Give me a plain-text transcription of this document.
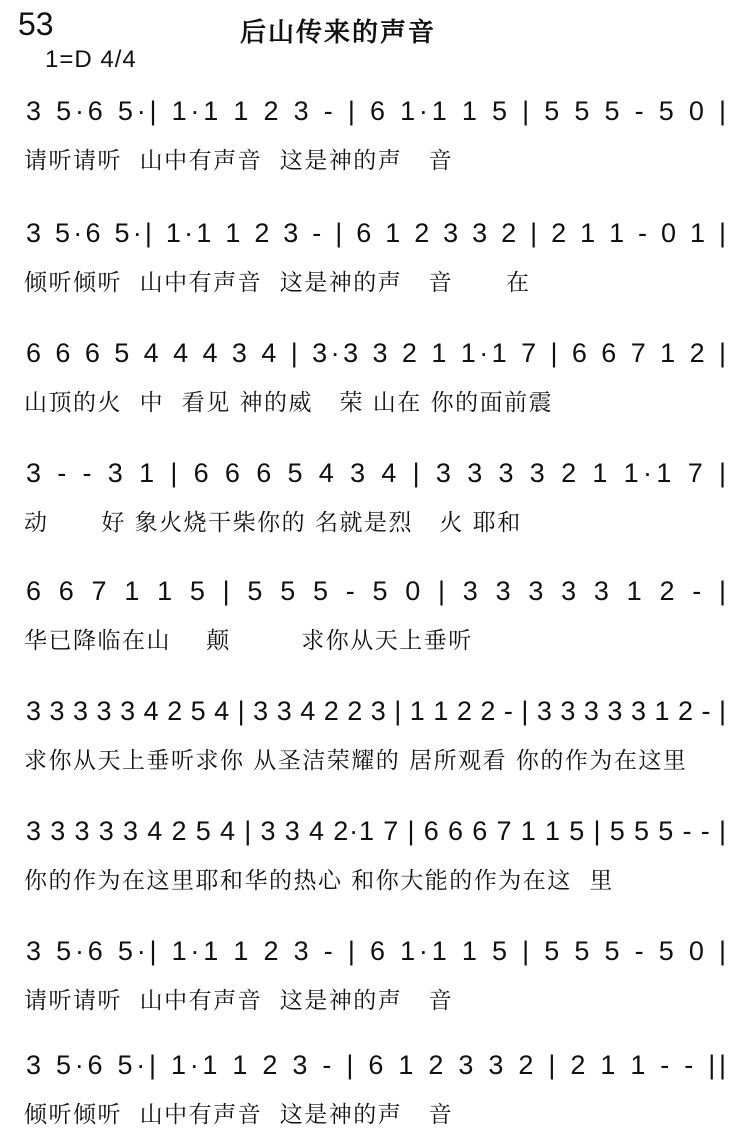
53	后山传来的声音
1=D 4/4
3 5·6 5·| 1·1 1 2 3 - | 6 1·1 1 5 | 5 5 5 - 5 0 |
请听请听  山中有声音  这是神的声   音
3 5·6 5·| 1·1 1 2 3 - | 6 1 2 3 3 2 | 2 1 1 - 0 1 |
倾听倾听  山中有声音  这是神的声   音      在
6 6 6 5 4 4 4 3 4 | 3·3 3 2 1 1·1 7 | 6 6 7 1 2 |
山顶的火  中  看见 神的威   荣 山在 你的面前震
3 - - 3 1 | 6 6 6 5 4 3 4 | 3 3 3 3 2 1 1·1 7 |
动      好 象火烧干柴你的 名就是烈   火 耶和
6 6 7 1 1 5 | 5 5 5 - 5 0 | 3 3 3 3 3 1 2 - |
华已降临在山    颠        求你从天上垂听
3 3 3 3 3 4 2 5 4 | 3 3 4 2 2 3 | 1 1 2 2 - | 3 3 3 3 3 1 2 - |
求你从天上垂听求你 从圣洁荣耀的 居所观看 你的作为在这里
3 3 3 3 3 4 2 5 4 | 3 3 4 2·1 7 | 6 6 6 7 1 1 5 | 5 5 5 - - |
你的作为在这里耶和华的热心 和你大能的作为在这  里
3 5·6 5·| 1·1 1 2 3 - | 6 1·1 1 5 | 5 5 5 - 5 0 |
请听请听  山中有声音  这是神的声   音
3 5·6 5·| 1·1 1 2 3 - | 6 1 2 3 3 2 | 2 1 1 - - ||
倾听倾听  山中有声音  这是神的声   音
